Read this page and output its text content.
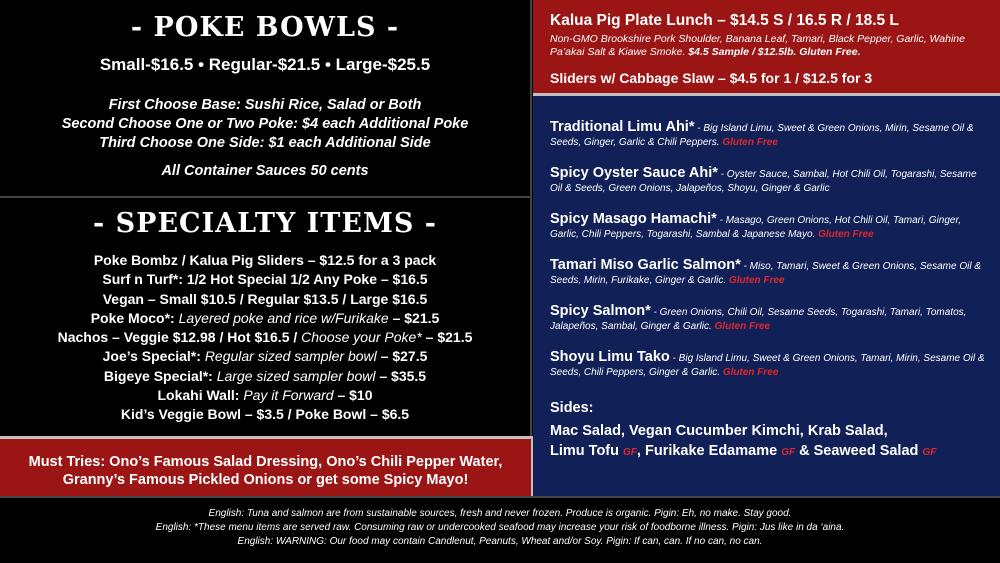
- POKE BOWLS -
Small-$16.5 • Regular-$21.5 • Large-$25.5
First Choose Base: Sushi Rice, Salad or Both
Second Choose One or Two Poke: $4 each Additional Poke
Third Choose One Side: $1 each Additional Side
All Container Sauces 50 cents
- SPECIALTY ITEMS -
Poke Bombz / Kalua Pig Sliders – $12.5 for a 3 pack
Surf n Turf*: 1/2 Hot Special 1/2 Any Poke – $16.5
Vegan – Small $10.5 / Regular $13.5 / Large $16.5
Poke Moco*: Layered poke and rice w/Furikake – $21.5
Nachos – Veggie $12.98 / Hot $16.5 / Choose your Poke* – $21.5
Joe’s Special*: Regular sized sampler bowl – $27.5
Bigeye Special*: Large sized sampler bowl – $35.5
Lokahi Wall: Pay it Forward – $10
Kid’s Veggie Bowl – $3.5 / Poke Bowl – $6.5
Must Tries: Ono’s Famous Salad Dressing, Ono’s Chili Pepper Water,
Granny’s Famous Pickled Onions or get some Spicy Mayo!
Kalua Pig Plate Lunch – $14.5 S / 16.5 R / 18.5 L
Non-GMO Brookshire Pork Shoulder, Banana Leaf, Tamari, Black Pepper, Garlic, Wahine Pa’akai Salt & Kiawe Smoke. $4.5 Sample / $12.5lb. Gluten Free.
Sliders w/ Cabbage Slaw – $4.5 for 1 / $12.5 for 3
Traditional Limu Ahi* - Big Island Limu, Sweet & Green Onions, Mirin, Sesame Oil & Seeds, Ginger, Garlic & Chili Peppers. Gluten Free
Spicy Oyster Sauce Ahi* - Oyster Sauce, Sambal, Hot Chili Oil, Togarashi, Sesame Oil & Seeds, Green Onions, Jalapeños, Shoyu, Ginger & Garlic
Spicy Masago Hamachi* - Masago, Green Onions, Hot Chili Oil, Tamari, Ginger, Garlic, Chili Peppers, Togarashi, Sambal & Japanese Mayo. Gluten Free
Tamari Miso Garlic Salmon* - Miso, Tamari, Sweet & Green Onions, Sesame Oil & Seeds, Mirin, Furikake, Ginger & Garlic. Gluten Free
Spicy Salmon* - Green Onions, Chili Oil, Sesame Seeds, Togarashi, Tamari, Tomatos, Jalapeños, Sambal, Ginger & Garlic. Gluten Free
Shoyu Limu Tako - Big Island Limu, Sweet & Green Onions, Tamari, Mirin, Sesame Oil & Seeds, Chili Peppers, Ginger & Garlic. Gluten Free
Sides:
Mac Salad, Vegan Cucumber Kimchi, Krab Salad,
Limu Tofu GF, Furikake Edamame GF & Seaweed Salad GF
English: Tuna and salmon are from sustainable sources, fresh and never frozen. Produce is organic. Pigin: Eh, no make. Stay good.
English: *These menu items are served raw. Consuming raw or undercooked seafood may increase your risk of foodborne illness. Pigin: Jus like in da ‘aina.
English: WARNING: Our food may contain Candlenut, Peanuts, Wheat and/or Soy. Pigin: If can, can. If no can, no can.
